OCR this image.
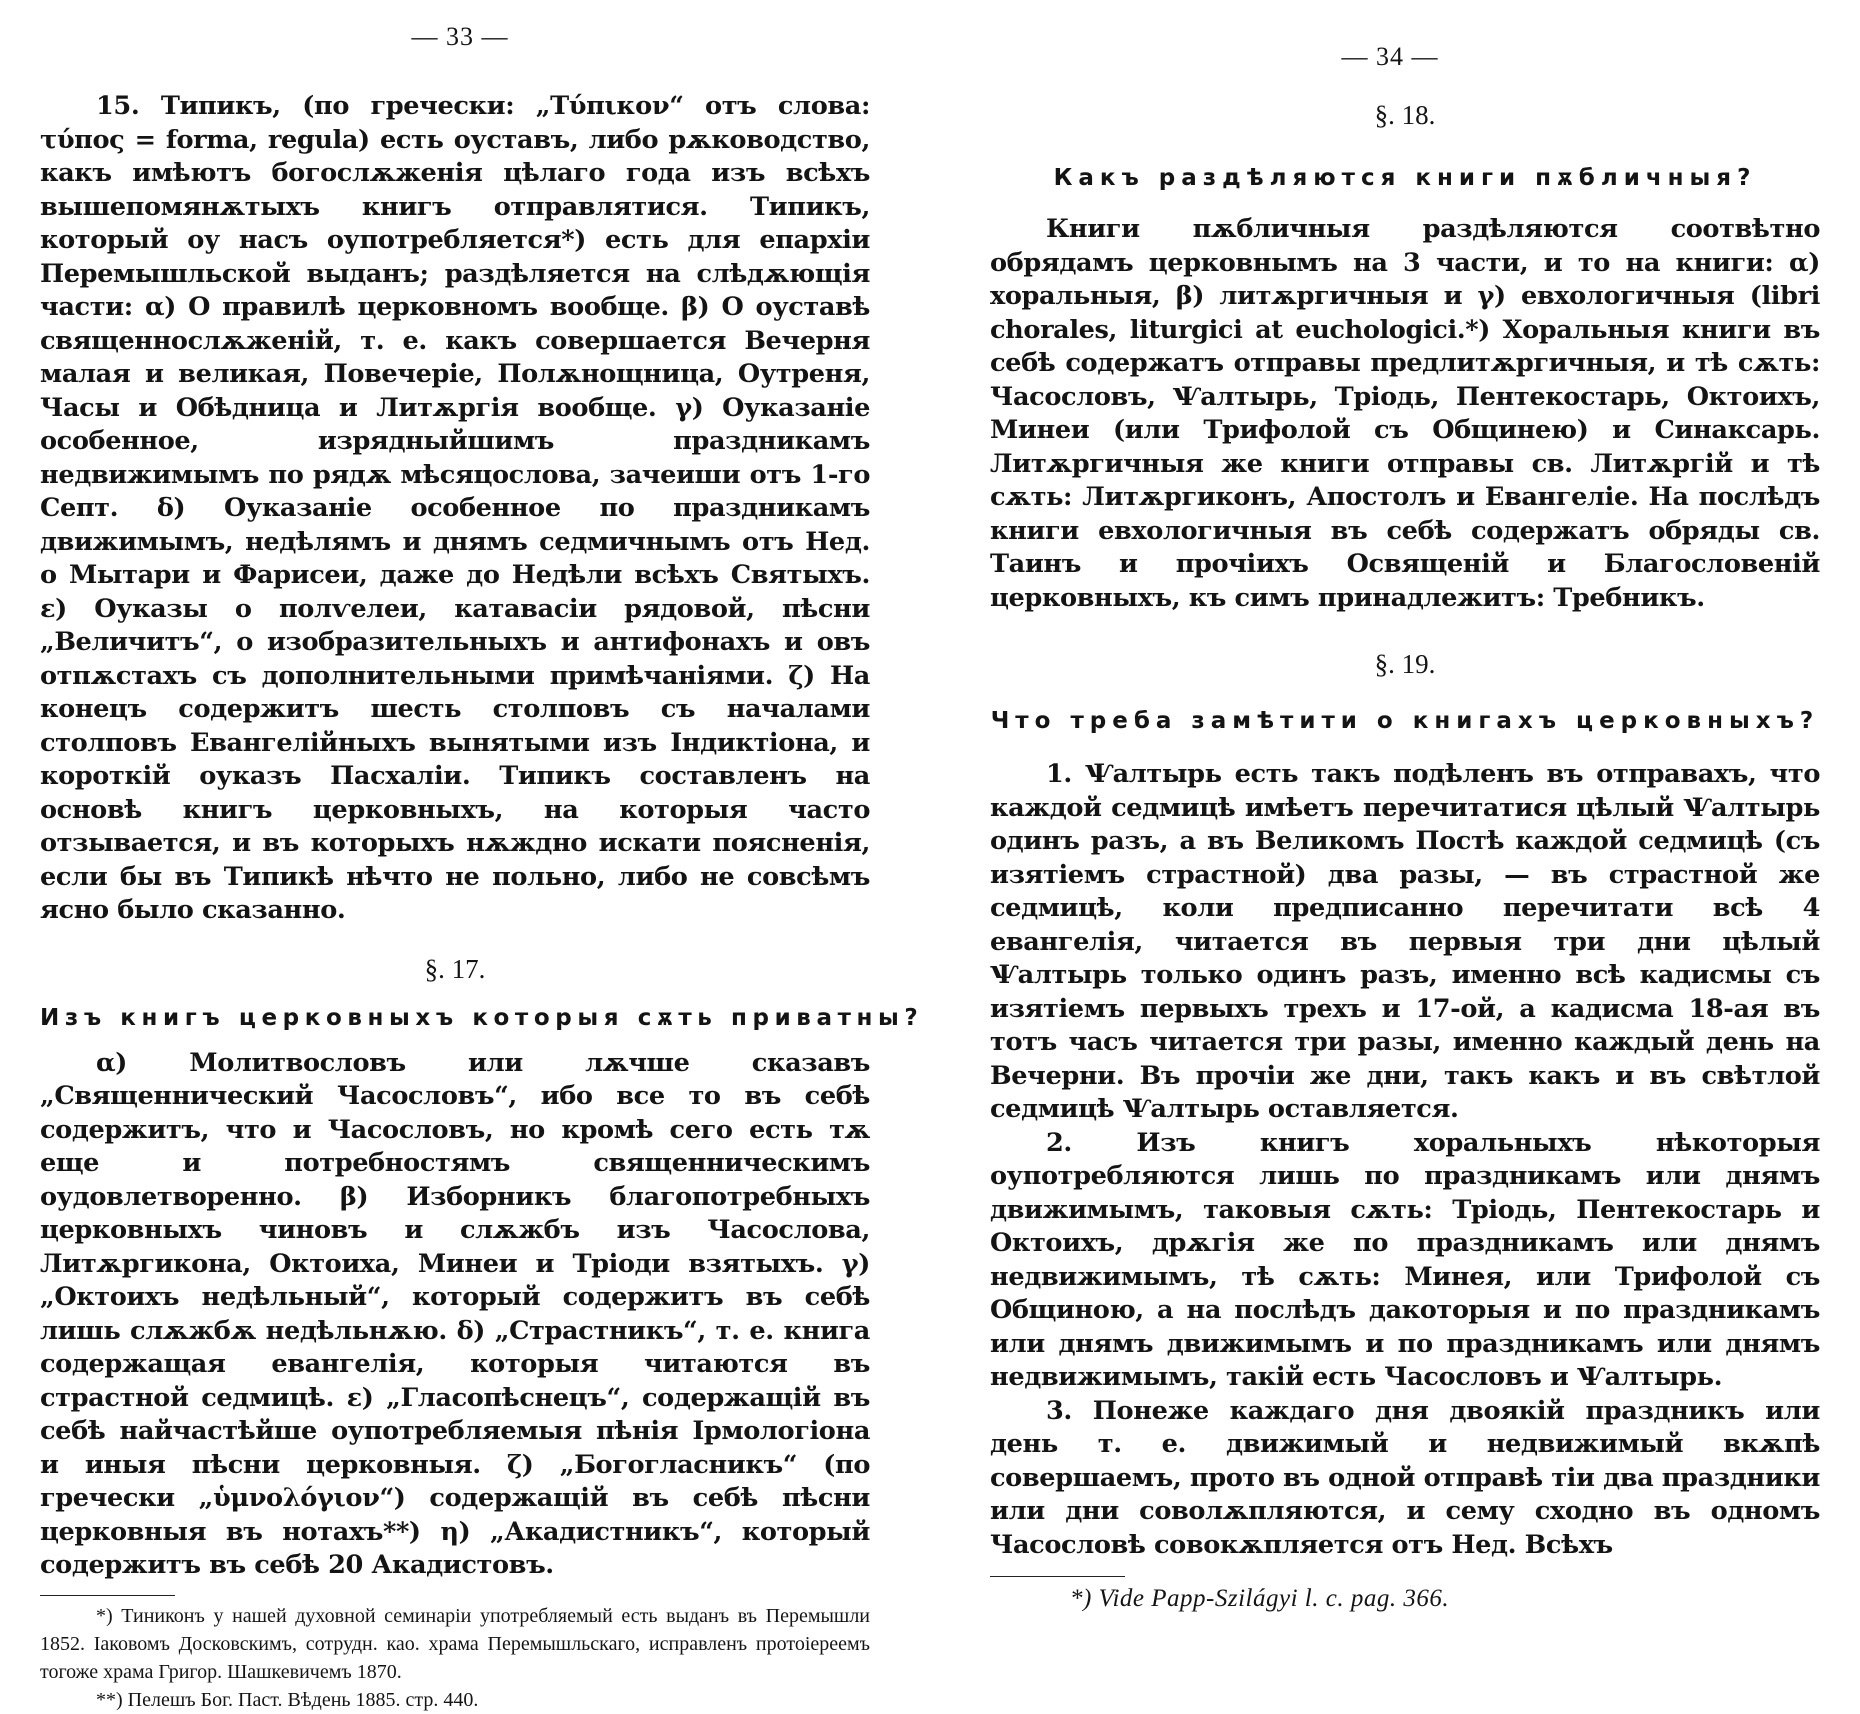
— 33 —

15. Типикъ, (по гречески: „Τύπικον“ отъ слова: τύπος = forma, regula) есть оуставъ, либо рѫководство, какъ имѣютъ богослѫженія цѣлаго года изъ всѣхъ вышепомянѫтыхъ книгъ отправлятися. Типикъ, который оу насъ оупотребляется*) есть для епархіи Перемышльской выданъ; раздѣляется на слѣдѫющія части: α) О правилѣ церковномъ вообще. β) О оуставѣ священнослѫженій, т. е. какъ совершается Вечерня малая и великая, Повечеріе, Полѫнощница, Оутреня, Часы и Обѣдница и Литѫргія вообще. γ) Оуказаніе особенное, изрядныйшимъ праздникамъ недвижимымъ по рядѫ мѣсяцослова, зачеиши отъ 1-го Септ. δ) Оуказаніе особенное по праздникамъ движимымъ, недѣлямъ и днямъ седмичнымъ отъ Нед. о Мытари и Фарисеи, даже до Недѣли всѣхъ Святыхъ. ε) Оуказы о полѵелеи, катавасіи рядовой, пѣсни „Величитъ“, о изобразительныхъ и антифонахъ и овъ отпѫстахъ съ дополнительными примѣчаніями. ζ) На конецъ содержитъ шесть столповъ съ началами столповъ Евангелійныхъ вынятыми изъ Індиктіона, и короткій оуказъ Пасхаліи. Типикъ составленъ на основѣ книгъ церковныхъ, на которыя часто отзывается, и въ которыхъ нѫждно искати поясненія, если бы въ Типикѣ нѣчто не польно, либо не совсѣмъ ясно было сказанно.

§. 17.

Изъ книгъ церковныхъ которыя сѫть приватны?

α) Молитвословъ или лѫчше сказавъ „Священнический Часословъ“, ибо все то въ себѣ содержитъ, что и Часословъ, но кромѣ сего есть тѫ еще и потребностямъ священническимъ оудовлетворенно. β) Изборникъ благопотребныхъ церковныхъ чиновъ и слѫжбъ изъ Часослова, Литѫргикона, Октоиха, Минеи и Тріоди взятыхъ. γ) „Октоихъ недѣльный“, который содержитъ въ себѣ лишь слѫжбѫ недѣльнѫю. δ) „Страстникъ“, т. е. книга содержащая евангелія, которыя читаются въ страстной седмицѣ. ε) „Гласопѣснецъ“, содержащій въ себѣ найчастѣйше оупотребляемыя пѣнія Ірмологіона и иныя пѣсни церковныя. ζ) „Богогласникъ“ (по гречески „ὑμνολόγιον“) содержащій въ себѣ пѣсни церковныя въ нотахъ**) η) „Акадистникъ“, который содержитъ въ себѣ 20 Акадистовъ.

*) Тиниконъ у нашей духовной семинаріи употребляемый есть выданъ въ Перемышли 1852. Іаковомъ Досковскимъ, сотрудн. као. храма Перемышльскаго, исправленъ протоіереемъ тогоже храма Григор. Шашкевичемъ 1870.

**) Пелешъ Бог. Паст. Вѣдень 1885. стр. 440.

— 34 —

§. 18.

Какъ раздѣляются книги пѫбличныя?

Книги пѫбличныя раздѣляются соотвѣтно обрядамъ церковнымъ на 3 части, и то на книги: α) хоральныя, β) литѫргичныя и γ) евхологичныя (libri chorales, liturgici at euchologici.*) Хоральныя книги въ себѣ содержатъ отправы предлитѫргичныя, и тѣ сѫть: Часословъ, Ѱалтырь, Тріодь, Пентекостарь, Октоихъ, Минеи (или Трифолой съ Общинею) и Синаксарь. Литѫргичныя же книги отправы св. Литѫргій и тѣ сѫть: Литѫргиконъ, Апостолъ и Евангеліе. На послѣдъ книги евхологичныя въ себѣ содержатъ обряды св. Таинъ и прочіихъ Освященій и Благословеній церковныхъ, къ симъ принадлежитъ: Требникъ.

§. 19.

Что треба замѣтити о книгахъ церковныхъ?

1. Ѱалтырь есть такъ подѣленъ въ отправахъ, что каждой седмицѣ имѣетъ перечитатися цѣлый Ѱалтырь одинъ разъ, а въ Великомъ Постѣ каждой седмицѣ (съ изятіемъ страстной) два разы, — въ страстной же седмицѣ, коли предписанно перечитати всѣ 4 евангелія, читается въ первыя три дни цѣлый Ѱалтырь только одинъ разъ, именно всѣ кадисмы съ изятіемъ первыхъ трехъ и 17-ой, а кадисма 18-ая въ тотъ часъ читается три разы, именно каждый день на Вечерни. Въ прочіи же дни, такъ какъ и въ свѣтлой седмицѣ Ѱалтырь оставляется.

2. Изъ книгъ хоральныхъ нѣкоторыя оупотребляются лишь по праздникамъ или днямъ движимымъ, таковыя сѫть: Тріодь, Пентекостарь и Октоихъ, дрѫгія же по праздникамъ или днямъ недвижимымъ, тѣ сѫть: Минея, или Трифолой съ Общиною, а на послѣдъ дакоторыя и по праздникамъ или днямъ движимымъ и по праздникамъ или днямъ недвижимымъ, такій есть Часословъ и Ѱалтырь.

3. Понеже каждаго дня двоякій праздникъ или день т. е. движимый и недвижимый вкѫпѣ совершаемъ, прото въ одной отправѣ тіи два праздники или дни соволѫпляются, и сему сходно въ одномъ Часословѣ совокѫпляется отъ Нед. Всѣхъ

*) Vide Papp-Szilágyi l. c. pag. 366.
